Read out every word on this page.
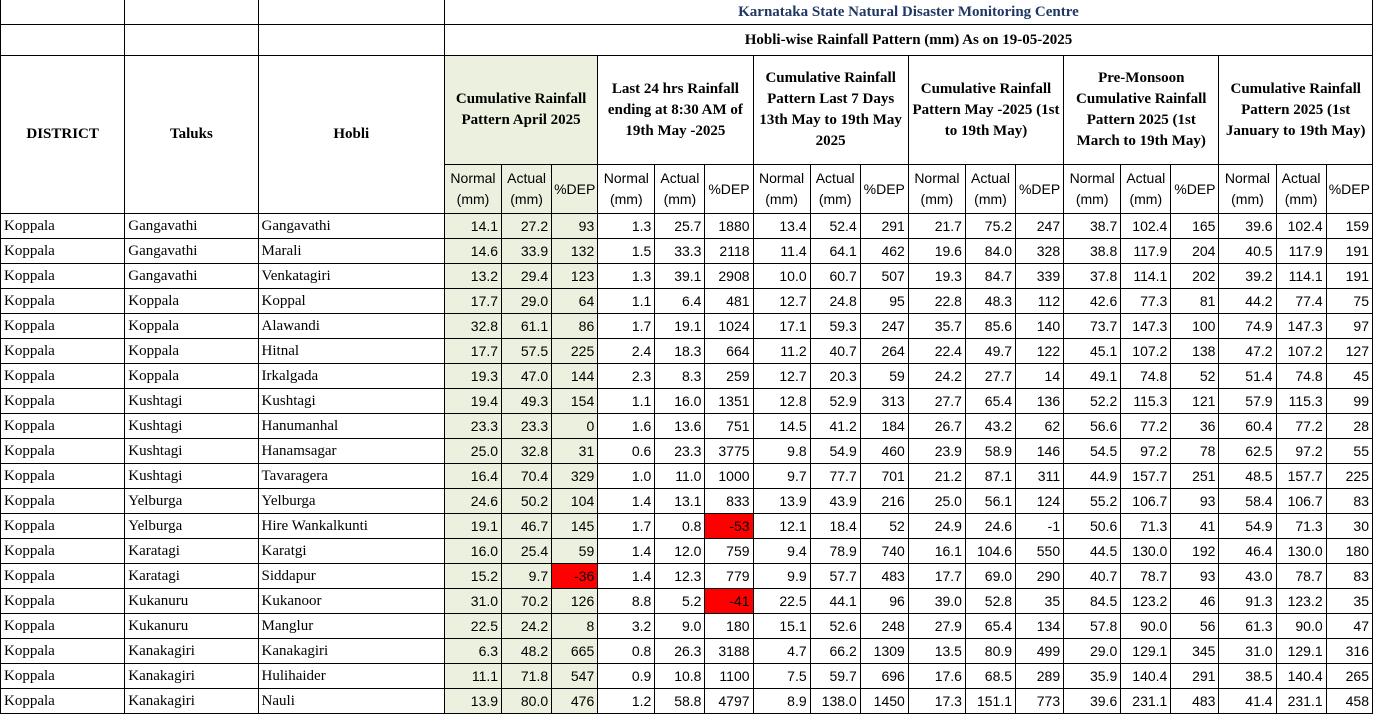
			Karnataka State Natural Disaster Monitoring Centre																	
			Hobli-wise Rainfall Pattern (mm) As on 19-05-2025																	
DISTRICT	Taluks	Hobli	Cumulative Rainfall Pattern April 2025			Last 24 hrs Rainfall ending at 8:30 AM of 19th May -2025			Cumulative Rainfall Pattern Last 7 Days 13th May to 19th May 2025			Cumulative Rainfall Pattern May -2025 (1st to 19th May)			Pre-Monsoon Cumulative Rainfall Pattern 2025 (1st March to 19th May)			Cumulative Rainfall Pattern 2025 (1st January to 19th May)		
			Normal (mm)	Actual (mm)	%DEP	Normal (mm)	Actual (mm)	%DEP	Normal (mm)	Actual (mm)	%DEP	Normal (mm)	Actual (mm)	%DEP	Normal (mm)	Actual (mm)	%DEP	Normal (mm)	Actual (mm)	%DEP
Koppala	Gangavathi	Gangavathi	14.1	27.2	93	1.3	25.7	1880	13.4	52.4	291	21.7	75.2	247	38.7	102.4	165	39.6	102.4	159
Koppala	Gangavathi	Marali	14.6	33.9	132	1.5	33.3	2118	11.4	64.1	462	19.6	84.0	328	38.8	117.9	204	40.5	117.9	191
Koppala	Gangavathi	Venkatagiri	13.2	29.4	123	1.3	39.1	2908	10.0	60.7	507	19.3	84.7	339	37.8	114.1	202	39.2	114.1	191
Koppala	Koppala	Koppal	17.7	29.0	64	1.1	6.4	481	12.7	24.8	95	22.8	48.3	112	42.6	77.3	81	44.2	77.4	75
Koppala	Koppala	Alawandi	32.8	61.1	86	1.7	19.1	1024	17.1	59.3	247	35.7	85.6	140	73.7	147.3	100	74.9	147.3	97
Koppala	Koppala	Hitnal	17.7	57.5	225	2.4	18.3	664	11.2	40.7	264	22.4	49.7	122	45.1	107.2	138	47.2	107.2	127
Koppala	Koppala	Irkalgada	19.3	47.0	144	2.3	8.3	259	12.7	20.3	59	24.2	27.7	14	49.1	74.8	52	51.4	74.8	45
Koppala	Kushtagi	Kushtagi	19.4	49.3	154	1.1	16.0	1351	12.8	52.9	313	27.7	65.4	136	52.2	115.3	121	57.9	115.3	99
Koppala	Kushtagi	Hanumanhal	23.3	23.3	0	1.6	13.6	751	14.5	41.2	184	26.7	43.2	62	56.6	77.2	36	60.4	77.2	28
Koppala	Kushtagi	Hanamsagar	25.0	32.8	31	0.6	23.3	3775	9.8	54.9	460	23.9	58.9	146	54.5	97.2	78	62.5	97.2	55
Koppala	Kushtagi	Tavaragera	16.4	70.4	329	1.0	11.0	1000	9.7	77.7	701	21.2	87.1	311	44.9	157.7	251	48.5	157.7	225
Koppala	Yelburga	Yelburga	24.6	50.2	104	1.4	13.1	833	13.9	43.9	216	25.0	56.1	124	55.2	106.7	93	58.4	106.7	83
Koppala	Yelburga	Hire Wankalkunti	19.1	46.7	145	1.7	0.8	-53	12.1	18.4	52	24.9	24.6	-1	50.6	71.3	41	54.9	71.3	30
Koppala	Karatagi	Karatgi	16.0	25.4	59	1.4	12.0	759	9.4	78.9	740	16.1	104.6	550	44.5	130.0	192	46.4	130.0	180
Koppala	Karatagi	Siddapur	15.2	9.7	-36	1.4	12.3	779	9.9	57.7	483	17.7	69.0	290	40.7	78.7	93	43.0	78.7	83
Koppala	Kukanuru	Kukanoor	31.0	70.2	126	8.8	5.2	-41	22.5	44.1	96	39.0	52.8	35	84.5	123.2	46	91.3	123.2	35
Koppala	Kukanuru	Manglur	22.5	24.2	8	3.2	9.0	180	15.1	52.6	248	27.9	65.4	134	57.8	90.0	56	61.3	90.0	47
Koppala	Kanakagiri	Kanakagiri	6.3	48.2	665	0.8	26.3	3188	4.7	66.2	1309	13.5	80.9	499	29.0	129.1	345	31.0	129.1	316
Koppala	Kanakagiri	Hulihaider	11.1	71.8	547	0.9	10.8	1100	7.5	59.7	696	17.6	68.5	289	35.9	140.4	291	38.5	140.4	265
Koppala	Kanakagiri	Nauli	13.9	80.0	476	1.2	58.8	4797	8.9	138.0	1450	17.3	151.1	773	39.6	231.1	483	41.4	231.1	458
